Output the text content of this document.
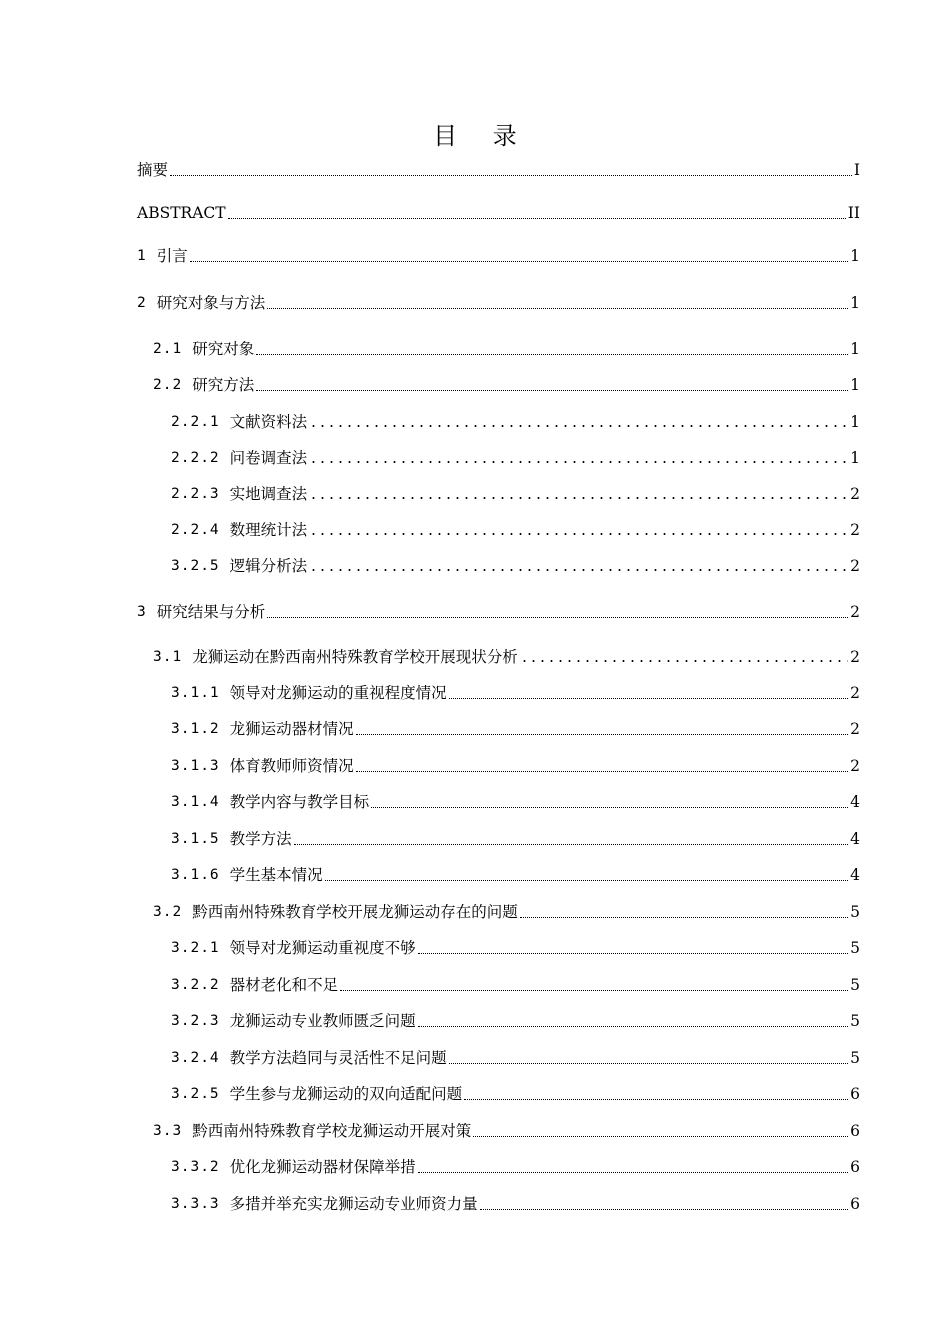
目 录
摘要	I
ABSTRACT	II
1 引言	1
2 研究对象与方法	1
2.1 研究对象	1
2.2 研究方法	1
2.2.1 文献资料法	1
2.2.2 问卷调查法	1
2.2.3 实地调查法	2
2.2.4 数理统计法	2
3.2.5 逻辑分析法	2
3 研究结果与分析	2
3.1 龙狮运动在黔西南州特殊教育学校开展现状分析	2
3.1.1 领导对龙狮运动的重视程度情况	2
3.1.2 龙狮运动器材情况	2
3.1.3 体育教师师资情况	2
3.1.4 教学内容与教学目标	4
3.1.5 教学方法	4
3.1.6 学生基本情况	4
3.2 黔西南州特殊教育学校开展龙狮运动存在的问题	5
3.2.1 领导对龙狮运动重视度不够	5
3.2.2 器材老化和不足	5
3.2.3 龙狮运动专业教师匮乏问题	5
3.2.4 教学方法趋同与灵活性不足问题	5
3.2.5 学生参与龙狮运动的双向适配问题	6
3.3 黔西南州特殊教育学校龙狮运动开展对策	6
3.3.2 优化龙狮运动器材保障举措	6
3.3.3 多措并举充实龙狮运动专业师资力量	6
